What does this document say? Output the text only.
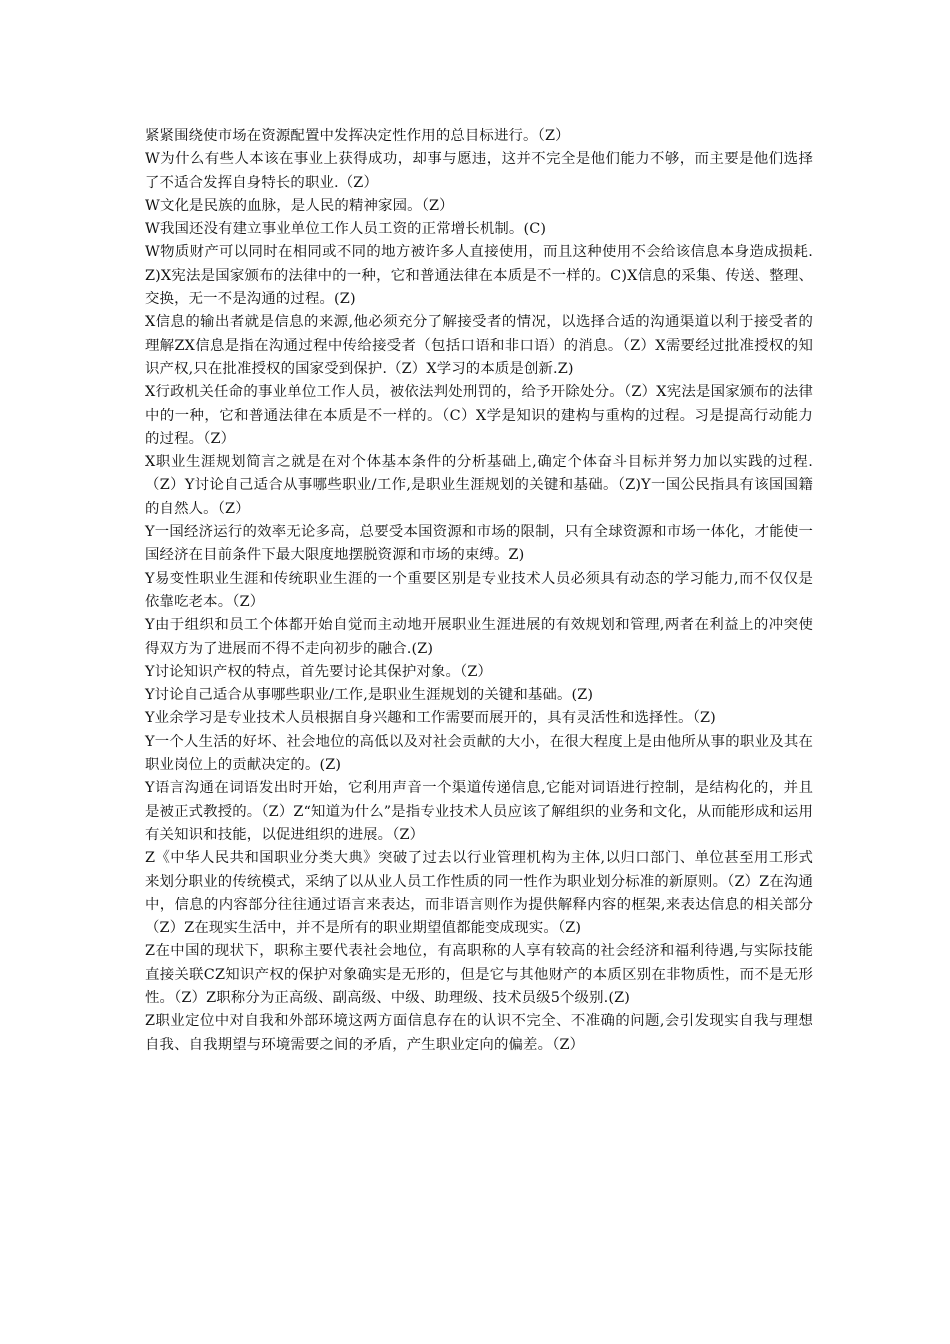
紧紧围绕使市场在资源配置中发挥决定性作用的总目标进行。（Z）

W为什么有些人本该在事业上获得成功，却事与愿违，这并不完全是他们能力不够，而主要是他们选择了不适合发挥自身特长的职业.（Z）

W文化是民族的血脉，是人民的精神家园。（Z）

W我国还没有建立事业单位工作人员工资的正常增长机制。(C)

W物质财产可以同时在相同或不同的地方被许多人直接使用，而且这种使用不会给该信息本身造成损耗.Z)X宪法是国家颁布的法律中的一种，它和普通法律在本质是不一样的。C)X信息的采集、传送、整理、交换，无一不是沟通的过程。(Z)

X信息的输出者就是信息的来源,他必须充分了解接受者的情况，以选择合适的沟通渠道以利于接受者的理解ZX信息是指在沟通过程中传给接受者（包括口语和非口语）的消息。（Z）X需要经过批准授权的知识产权,只在批准授权的国家受到保护.（Z）X学习的本质是创新.Z)

X行政机关任命的事业单位工作人员，被依法判处刑罚的，给予开除处分。（Z）X宪法是国家颁布的法律中的一种，它和普通法律在本质是不一样的。（C）X学是知识的建构与重构的过程。习是提高行动能力的过程。（Z）

X职业生涯规划简言之就是在对个体基本条件的分析基础上,确定个体奋斗目标并努力加以实践的过程.（Z）Y讨论自己适合从事哪些职业/工作,是职业生涯规划的关键和基础。（Z)Y一国公民指具有该国国籍的自然人。（Z）

Y一国经济运行的效率无论多高，总要受本国资源和市场的限制，只有全球资源和市场一体化，才能使一国经济在目前条件下最大限度地摆脱资源和市场的束缚。Z)

Y易变性职业生涯和传统职业生涯的一个重要区别是专业技术人员必须具有动态的学习能力,而不仅仅是依靠吃老本。（Z）

Y由于组织和员工个体都开始自觉而主动地开展职业生涯进展的有效规划和管理,两者在利益上的冲突使得双方为了进展而不得不走向初步的融合.(Z)

Y讨论知识产权的特点，首先要讨论其保护对象。（Z）

Y讨论自己适合从事哪些职业/工作,是职业生涯规划的关键和基础。(Z)

Y业余学习是专业技术人员根据自身兴趣和工作需要而展开的，具有灵活性和选择性。（Z)

Y一个人生活的好坏、社会地位的高低以及对社会贡献的大小，在很大程度上是由他所从事的职业及其在职业岗位上的贡献决定的。(Z)

Y语言沟通在词语发出时开始，它利用声音一个渠道传递信息,它能对词语进行控制，是结构化的，并且是被正式教授的。（Z）Z“知道为什么”是指专业技术人员应该了解组织的业务和文化，从而能形成和运用有关知识和技能，以促进组织的进展。（Z）

Z《中华人民共和国职业分类大典》突破了过去以行业管理机构为主体,以归口部门、单位甚至用工形式来划分职业的传统模式，采纳了以从业人员工作性质的同一性作为职业划分标准的新原则。（Z）Z在沟通中，信息的内容部分往往通过语言来表达，而非语言则作为提供解释内容的框架,来表达信息的相关部分（Z）Z在现实生活中，并不是所有的职业期望值都能变成现实。（Z)

Z在中国的现状下，职称主要代表社会地位，有高职称的人享有较高的社会经济和福利待遇,与实际技能直接关联CZ知识产权的保护对象确实是无形的，但是它与其他财产的本质区别在非物质性，而不是无形性。（Z）Z职称分为正高级、副高级、中级、助理级、技术员级5个级别.(Z)

Z职业定位中对自我和外部环境这两方面信息存在的认识不完全、不准确的问题,会引发现实自我与理想自我、自我期望与环境需要之间的矛盾，产生职业定向的偏差。（Z）
